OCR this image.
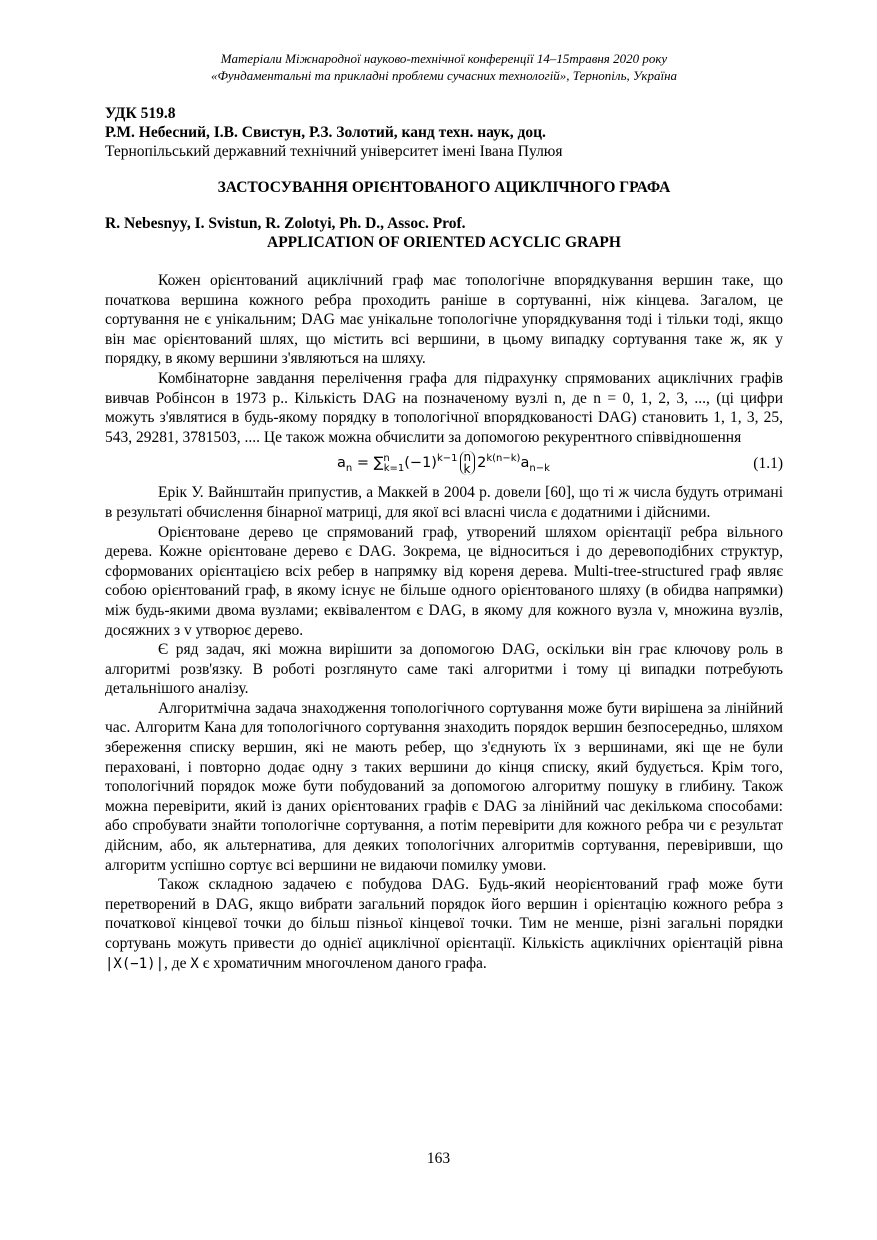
Матеріали Міжнародної науково-технічної конференції 14–15травня 2020 року
«Фундаментальні та прикладні проблеми сучасних технологій», Тернопіль, Україна
УДК 519.8
Р.М. Небесний, І.В. Свистун, Р.З. Золотий, канд техн. наук, доц.
Тернопільський державний технічний університет імені Івана Пулюя
ЗАСТОСУВАННЯ ОРІЄНТОВАНОГО АЦИКЛІЧНОГО ГРАФА
R. Nebesnyy, I. Svistun, R. Zolotyi, Ph. D., Assoc. Prof.
APPLICATION OF ORIENTED ACYCLIC GRAPH

Кожен орієнтований ациклічний граф має топологічне впорядкування вершин таке, що початкова вершина кожного ребра проходить раніше в сортуванні, ніж кінцева. Загалом, це сортування не є унікальним; DAG має унікальне топологічне упорядкування тоді і тільки тоді, якщо він має орієнтований шлях, що містить всі вершини, в цьому випадку сортування таке ж, як у порядку, в якому вершини з'являються на шляху.

Комбінаторне завдання перелічення графа для підрахунку спрямованих ациклічних графів вивчав Робінсон в 1973 р.. Кількість DAG на позначеному вузлі n, де n = 0, 1, 2, 3, ..., (ці цифри можуть з'являтися в будь-якому порядку в топологічної впорядкованості DAG) становить 1, 1, 3, 25, 543, 29281, 3781503, .... Це також можна обчислити за допомогою рекурентного співвідношення

$a_n = \sum^n_{k=1}(-1)^{k-1}$ n
k $2^{k(n-k)}a_{n-k}$	(1.1)

Ерік У. Вайнштайн припустив, а Маккей в 2004 р. довели [60], що ті ж числа будуть отримані в результаті обчислення бінарної матриці, для якої всі власні числа є додатними і дійсними.

Орієнтоване дерево це спрямований граф, утворений шляхом орієнтації ребра вільного дерева. Кожне орієнтоване дерево є DAG. Зокрема, це відноситься і до деревоподібних структур, сформованих орієнтацією всіх ребер в напрямку від кореня дерева. Multi-tree-structured граф являє собою орієнтований граф, в якому існує не більше одного орієнтованого шляху (в обидва напрямки) між будь-якими двома вузлами; еквівалентом є DAG, в якому для кожного вузла v, множина вузлів, досяжних з v утворює дерево.

Є ряд задач, які можна вирішити за допомогою DAG, оскільки він грає ключову роль в алгоритмі розв'язку. В роботі розглянуто саме такі алгоритми і тому ці випадки потребують детальнішого аналізу.

Алгоритмічна задача знаходження топологічного сортування може бути вирішена за лінійний час. Алгоритм Кана для топологічного сортування знаходить порядок вершин безпосередньо, шляхом збереження списку вершин, які не мають ребер, що з'єднують їх з вершинами, які ще не були пераховані, і повторно додає одну з таких вершини до кінця списку, який будується. Крім того, топологічний порядок може бути побудований за допомогою алгоритму пошуку в глибину. Також можна перевірити, який із даних орієнтованих графів є DAG за лінійний час декількома способами: або спробувати знайти топологічне сортування, а потім перевірити для кожного ребра чи є результат дійсним, або, як альтернатива, для деяких топологічних алгоритмів сортування, перевіривши, що алгоритм успішно сортує всі вершини не видаючи помилку умови.

Також складною задачею є побудова DAG. Будь-який неорієнтований граф може бути перетворений в DAG, якщо вибрати загальний порядок його вершин і орієнтацію кожного ребра з початкової кінцевої точки до більш пізньої кінцевої точки. Тим не менше, різні загальні порядки сортувань можуть привести до однієї ациклічної орієнтації. Кількість ациклічних орієнтацій рівна |X(−1)|, де X є хроматичним многочленом даного графа.

163
